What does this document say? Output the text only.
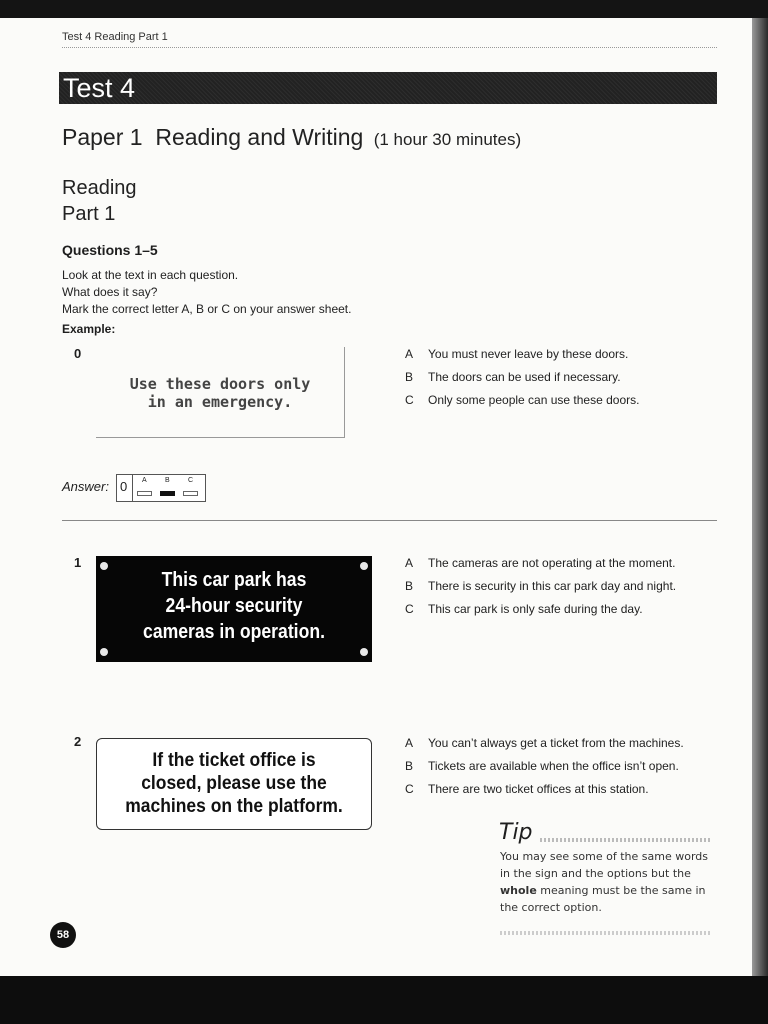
Test 4 Reading Part 1
Test 4
Paper 1  Reading and Writing (1 hour 30 minutes)
Reading
Part 1
Questions 1–5
Look at the text in each question.
What does it say?
Mark the correct letter A, B or C on your answer sheet.
Example:
0
Use these doors only
in an emergency.
A	You must never leave by these doors.
B	The doors can be used if necessary.
C	Only some people can use these doors.
Answer: 0 A	B	C
1
This car park has
24-hour security
cameras in operation.
A	The cameras are not operating at the moment.
B	There is security in this car park day and night.
C	This car park is only safe during the day.
2
If the ticket office is
closed, please use the
machines on the platform.
A	You can’t always get a ticket from the machines.
B	Tickets are available when the office isn’t open.
C	There are two ticket offices at this station.
Tip
You may see some of the same words in the sign and the options but the whole meaning must be the same in the correct option.
58
